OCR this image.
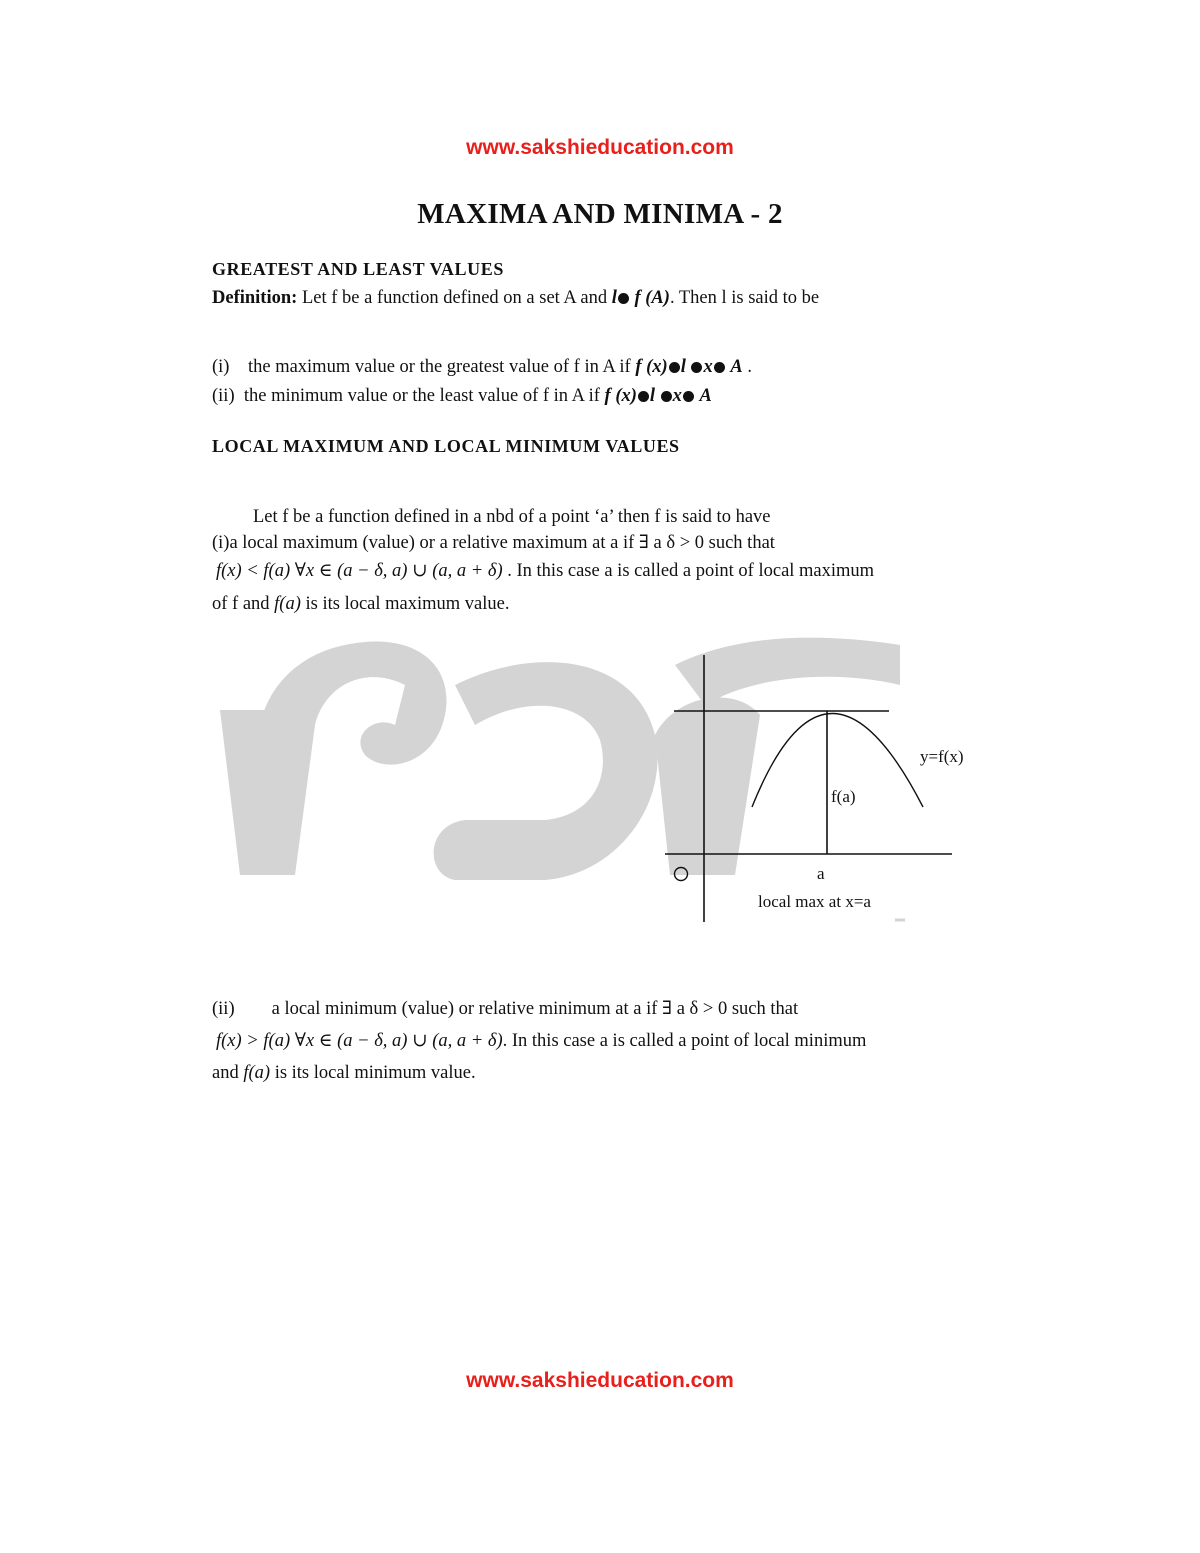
www.sakshieducation.com
MAXIMA AND MINIMA - 2
GREATEST AND LEAST VALUES
Definition: Let f be a function defined on a set A and l f (A). Then l is said to be
(i) the maximum value or the greatest value of f in A if f (x) l x A .
(ii) the minimum value or the least value of f in A if f (x) l x A
LOCAL MAXIMUM AND LOCAL MINIMUM VALUES
Let f be a function defined in a nbd of a point ‘a’ then f is said to have
(i)a local maximum (value) or a relative maximum at a if ∃ a δ > 0 such that
f(x) < f(a) ∀x ∈ (a − δ, a) ∪ (a, a + δ) . In this case a is called a point of local maximum
of f and f(a) is its local maximum value.
y=f(x)
f(a)
a
local max at x=a
(ii) a local minimum (value) or relative minimum at a if ∃ a δ > 0 such that
f(x) > f(a) ∀x ∈ (a − δ, a) ∪ (a, a + δ). In this case a is called a point of local minimum
and f(a) is its local minimum value.
www.sakshieducation.com
